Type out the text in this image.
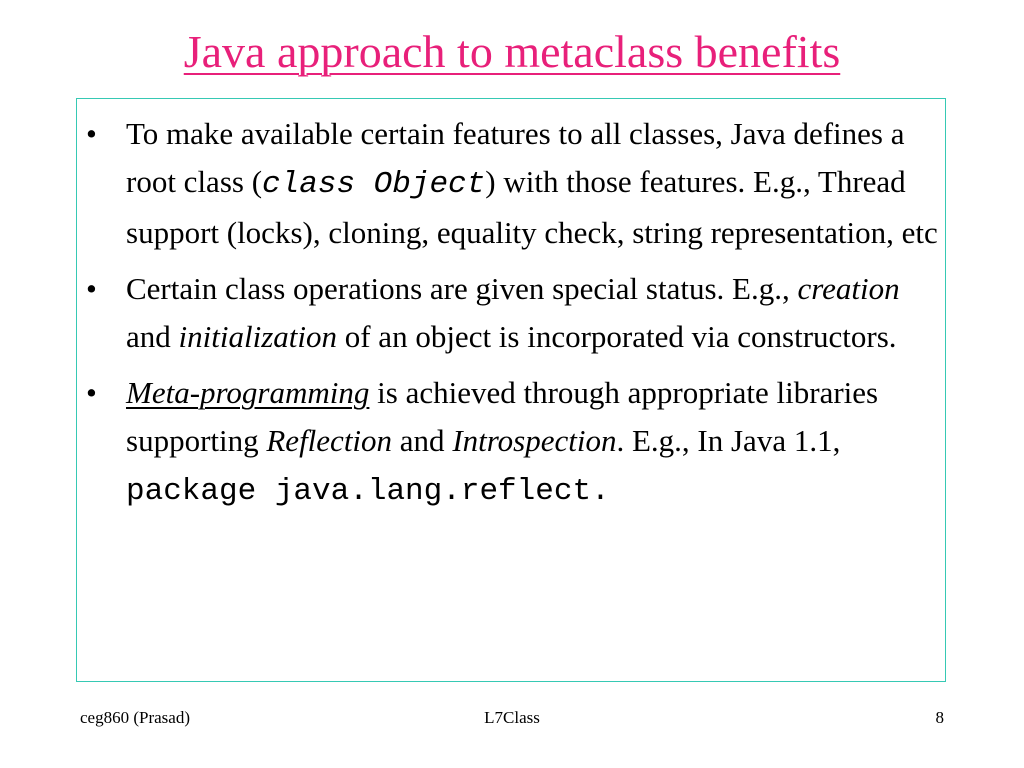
Java approach to metaclass benefits
• To make available certain features to all classes, Java defines a root class (class Object) with those features. E.g., Thread support (locks), cloning, equality check, string representation, etc
• Certain class operations are given special status. E.g., creation and initialization of an object is incorporated via constructors.
• Meta-programming is achieved through appropriate libraries supporting Reflection and Introspection. E.g., In Java 1.1, package java.lang.reflect.
ceg860 (Prasad)	L7Class	8
